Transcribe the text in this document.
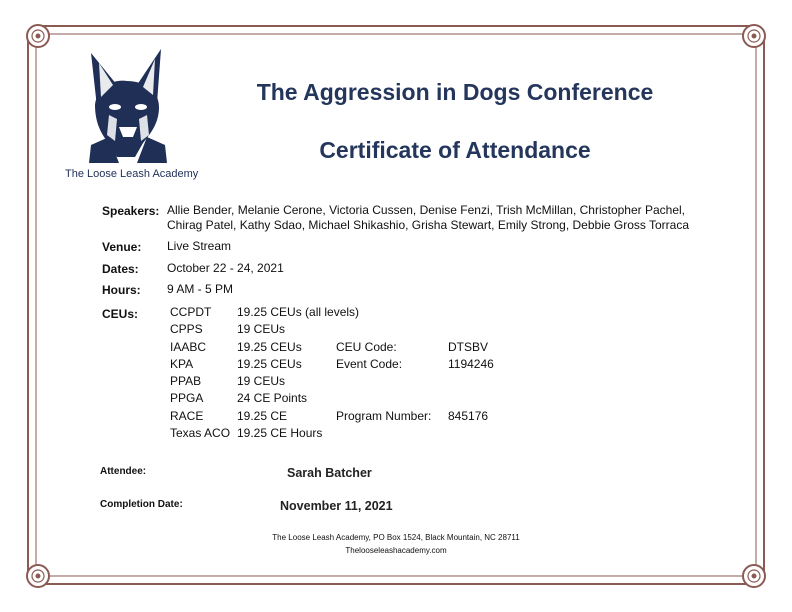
The Loose Leash Academy
The Aggression in Dogs Conference
Certificate of Attendance
Speakers: Allie Bender, Melanie Cerone, Victoria Cussen, Denise Fenzi, Trish McMillan, Christopher Pachel,
Chirag Patel, Kathy Sdao, Michael Shikashio, Grisha Stewart, Emily Strong, Debbie Gross Torraca
Venue: Live Stream
Dates: October 22 - 24, 2021
Hours: 9 AM - 5 PM
CEUs:	CCPDT 19.25 CEUs (all levels)
CPPS	19 CEUs
IAABC	19.25 CEUs	CEU Code:	DTSBV
KPA	19.25 CEUs	Event Code:	1194246
PPAB	19 CEUs
PPGA	24 CE Points
RACE	19.25 CE	Program Number: 845176
Texas ACO 19.25 CE Hours
Attendee:	Sarah Batcher
Completion Date:	November 11, 2021
The Loose Leash Academy, PO Box 1524, Black Mountain, NC 28711
Thelooseleashacademy.com
